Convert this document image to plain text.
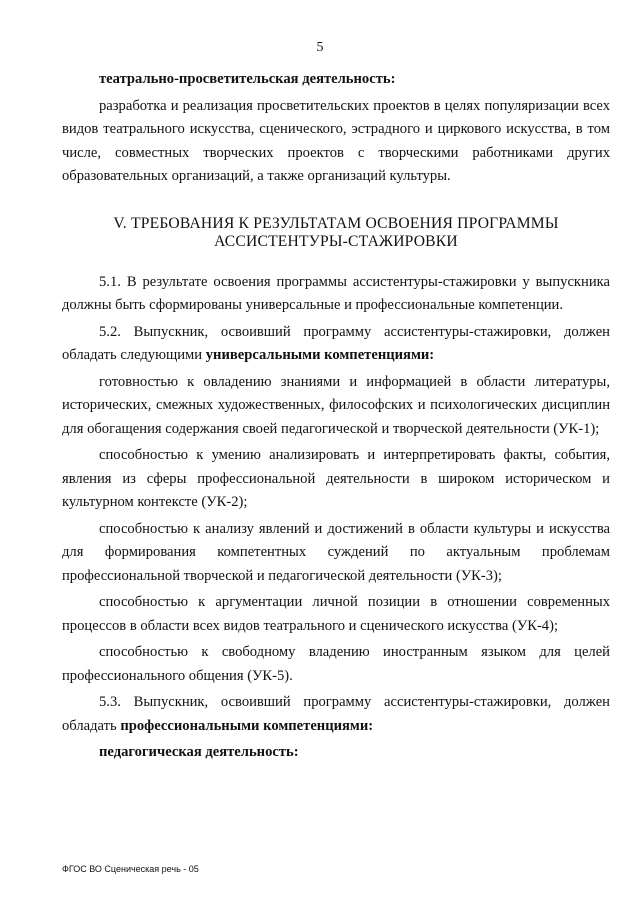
5

театрально-просветительская деятельность:

разработка и реализация просветительских проектов в целях популяризации всех видов театрального искусства, сценического, эстрадного и циркового искусства, в том числе, совместных творческих проектов с творческими работниками других образовательных организаций, а также организаций культуры.

V. ТРЕБОВАНИЯ К РЕЗУЛЬТАТАМ ОСВОЕНИЯ ПРОГРАММЫ
АССИСТЕНТУРЫ-СТАЖИРОВКИ

5.1. В результате освоения программы ассистентуры-стажировки у выпускника должны быть сформированы универсальные и профессиональные компетенции.

5.2. Выпускник, освоивший программу ассистентуры-стажировки, должен обладать следующими универсальными компетенциями:

готовностью к овладению знаниями и информацией в области литературы, исторических, смежных художественных, философских и психологических дисциплин для обогащения содержания своей педагогической и творческой деятельности (УК-1);

способностью к умению анализировать и интерпретировать факты, события, явления из сферы профессиональной деятельности в широком историческом и культурном контексте (УК-2);

способностью к анализу явлений и достижений в области культуры и искусства для формирования компетентных суждений по актуальным проблемам профессиональной творческой и педагогической деятельности (УК-3);

способностью к аргументации личной позиции в отношении современных процессов в области всех видов театрального и сценического искусства (УК-4);

способностью к свободному владению иностранным языком для целей профессионального общения (УК-5).

5.3. Выпускник, освоивший программу ассистентуры-стажировки, должен обладать профессиональными компетенциями:

педагогическая деятельность:

ФГОС ВО Сценическая речь - 05
